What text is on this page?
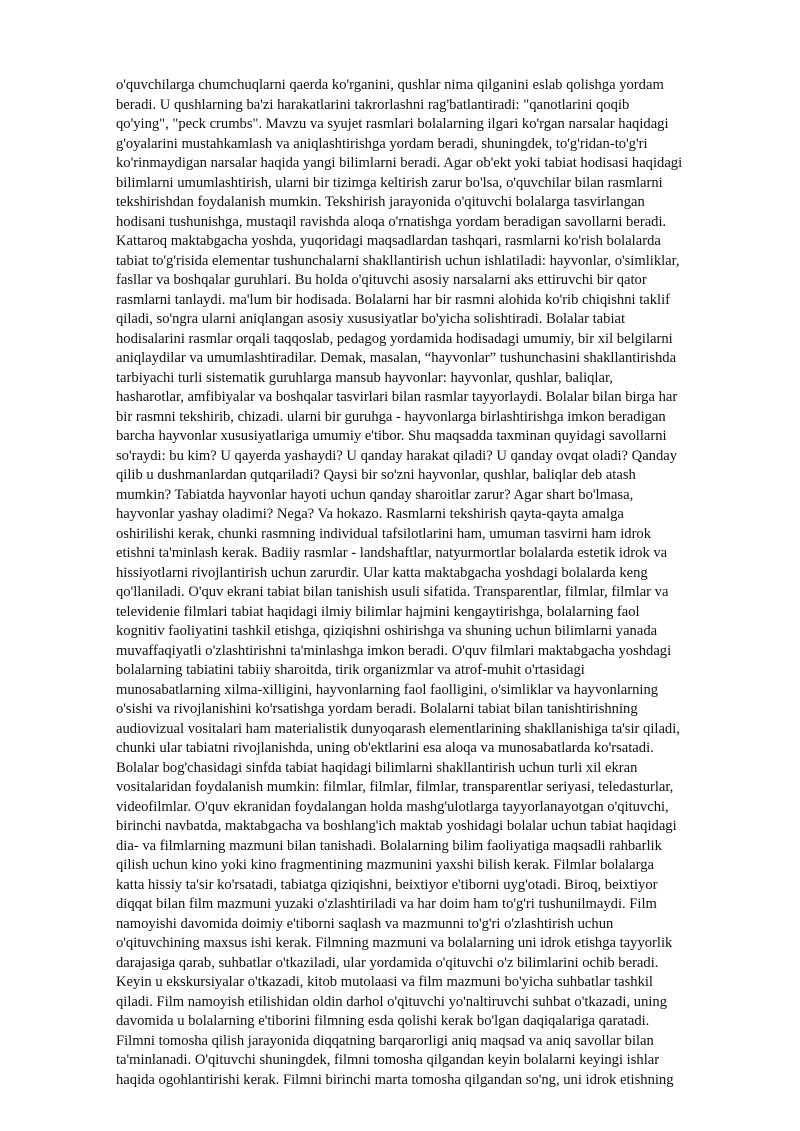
o'quvchilarga chumchuqlarni qaerda ko'rganini, qushlar nima qilganini eslab qolishga yordam
beradi. U qushlarning ba'zi harakatlarini takrorlashni rag'batlantiradi: "qanotlarini qoqib
qo'ying", "peck crumbs". Mavzu va syujet rasmlari bolalarning ilgari ko'rgan narsalar haqidagi
g'oyalarini mustahkamlash va aniqlashtirishga yordam beradi, shuningdek, to'g'ridan-to'g'ri
ko'rinmaydigan narsalar haqida yangi bilimlarni beradi. Agar ob'ekt yoki tabiat hodisasi haqidagi
bilimlarni umumlashtirish, ularni bir tizimga keltirish zarur bo'lsa, o'quvchilar bilan rasmlarni
tekshirishdan foydalanish mumkin. Tekshirish jarayonida o'qituvchi bolalarga tasvirlangan
hodisani tushunishga, mustaqil ravishda aloqa o'rnatishga yordam beradigan savollarni beradi.
Kattaroq maktabgacha yoshda, yuqoridagi maqsadlardan tashqari, rasmlarni ko'rish bolalarda
tabiat to'g'risida elementar tushunchalarni shakllantirish uchun ishlatiladi: hayvonlar, o'simliklar,
fasllar va boshqalar guruhlari. Bu holda o'qituvchi asosiy narsalarni aks ettiruvchi bir qator
rasmlarni tanlaydi. ma'lum bir hodisada. Bolalarni har bir rasmni alohida ko'rib chiqishni taklif
qiladi, so'ngra ularni aniqlangan asosiy xususiyatlar bo'yicha solishtiradi. Bolalar tabiat
hodisalarini rasmlar orqali taqqoslab, pedagog yordamida hodisadagi umumiy, bir xil belgilarni
aniqlaydilar va umumlashtiradilar. Demak, masalan, “hayvonlar” tushunchasini shakllantirishda
tarbiyachi turli sistematik guruhlarga mansub hayvonlar: hayvonlar, qushlar, baliqlar,
hasharotlar, amfibiyalar va boshqalar tasvirlari bilan rasmlar tayyorlaydi. Bolalar bilan birga har
bir rasmni tekshirib, chizadi. ularni bir guruhga - hayvonlarga birlashtirishga imkon beradigan
barcha hayvonlar xususiyatlariga umumiy e'tibor. Shu maqsadda taxminan quyidagi savollarni
so'raydi: bu kim? U qayerda yashaydi? U qanday harakat qiladi? U qanday ovqat oladi? Qanday
qilib u dushmanlardan qutqariladi? Qaysi bir so'zni hayvonlar, qushlar, baliqlar deb atash
mumkin? Tabiatda hayvonlar hayoti uchun qanday sharoitlar zarur? Agar shart bo'lmasa,
hayvonlar yashay oladimi? Nega? Va hokazo. Rasmlarni tekshirish qayta-qayta amalga
oshirilishi kerak, chunki rasmning individual tafsilotlarini ham, umuman tasvirni ham idrok
etishni ta'minlash kerak. Badiiy rasmlar - landshaftlar, natyurmortlar bolalarda estetik idrok va
hissiyotlarni rivojlantirish uchun zarurdir. Ular katta maktabgacha yoshdagi bolalarda keng
qo'llaniladi. O'quv ekrani tabiat bilan tanishish usuli sifatida. Transparentlar, filmlar, filmlar va
televidenie filmlari tabiat haqidagi ilmiy bilimlar hajmini kengaytirishga, bolalarning faol
kognitiv faoliyatini tashkil etishga, qiziqishni oshirishga va shuning uchun bilimlarni yanada
muvaffaqiyatli o'zlashtirishni ta'minlashga imkon beradi. O'quv filmlari maktabgacha yoshdagi
bolalarning tabiatini tabiiy sharoitda, tirik organizmlar va atrof-muhit o'rtasidagi
munosabatlarning xilma-xilligini, hayvonlarning faol faolligini, o'simliklar va hayvonlarning
o'sishi va rivojlanishini ko'rsatishga yordam beradi. Bolalarni tabiat bilan tanishtirishning
audiovizual vositalari ham materialistik dunyoqarash elementlarining shakllanishiga ta'sir qiladi,
chunki ular tabiatni rivojlanishda, uning ob'ektlarini esa aloqa va munosabatlarda ko'rsatadi.
Bolalar bog'chasidagi sinfda tabiat haqidagi bilimlarni shakllantirish uchun turli xil ekran
vositalaridan foydalanish mumkin: filmlar, filmlar, filmlar, transparentlar seriyasi, teledasturlar,
videofilmlar. O'quv ekranidan foydalangan holda mashg'ulotlarga tayyorlanayotgan o'qituvchi,
birinchi navbatda, maktabgacha va boshlang'ich maktab yoshidagi bolalar uchun tabiat haqidagi
dia- va filmlarning mazmuni bilan tanishadi. Bolalarning bilim faoliyatiga maqsadli rahbarlik
qilish uchun kino yoki kino fragmentining mazmunini yaxshi bilish kerak. Filmlar bolalarga
katta hissiy ta'sir ko'rsatadi, tabiatga qiziqishni, beixtiyor e'tiborni uyg'otadi. Biroq, beixtiyor
diqqat bilan film mazmuni yuzaki o'zlashtiriladi va har doim ham to'g'ri tushunilmaydi. Film
namoyishi davomida doimiy e'tiborni saqlash va mazmunni to'g'ri o'zlashtirish uchun
o'qituvchining maxsus ishi kerak. Filmning mazmuni va bolalarning uni idrok etishga tayyorlik
darajasiga qarab, suhbatlar o'tkaziladi, ular yordamida o'qituvchi o'z bilimlarini ochib beradi.
Keyin u ekskursiyalar o'tkazadi, kitob mutolaasi va film mazmuni bo'yicha suhbatlar tashkil
qiladi. Film namoyish etilishidan oldin darhol o'qituvchi yo'naltiruvchi suhbat o'tkazadi, uning
davomida u bolalarning e'tiborini filmning esda qolishi kerak bo'lgan daqiqalariga qaratadi.
Filmni tomosha qilish jarayonida diqqatning barqarorligi aniq maqsad va aniq savollar bilan
ta'minlanadi. O'qituvchi shuningdek, filmni tomosha qilgandan keyin bolalarni keyingi ishlar
haqida ogohlantirishi kerak. Filmni birinchi marta tomosha qilgandan so'ng, uni idrok etishning
